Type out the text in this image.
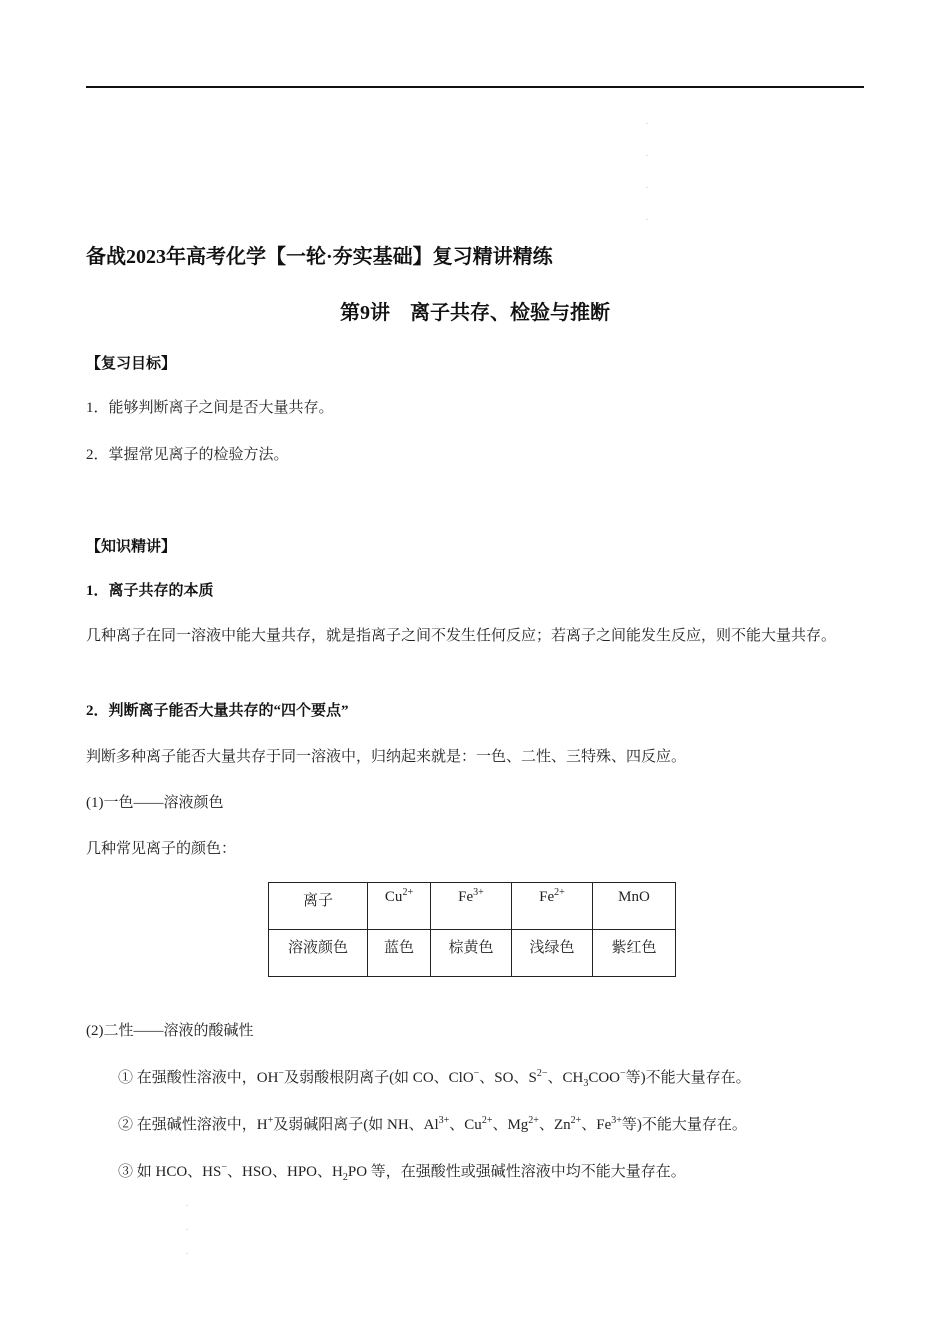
.

.

.

.
备战2023年高考化学【一轮·夯实基础】复习精讲精练
第9讲　离子共存、检验与推断
【复习目标】
1．能够判断离子之间是否大量共存。
2．掌握常见离子的检验方法。
【知识精讲】
1．离子共存的本质
几种离子在同一溶液中能大量共存，就是指离子之间不发生任何反应；若离子之间能发生反应，则不能大量共存。
2．判断离子能否大量共存的“四个要点”
判断多种离子能否大量共存于同一溶液中，归纳起来就是：一色、二性、三特殊、四反应。
(1)一色——溶液颜色
几种常见离子的颜色：
离子	$Cu^{2+}$	$Fe^{3+}$	$Fe^{2+}$	MnO
溶液颜色	蓝色	棕黄色	浅绿色	紫红色
(2)二性——溶液的酸碱性
① 在强酸性溶液中，OH−及弱酸根阴离子(如 CO、ClO−、SO、$S^{2-}$、$CH_3COO^-$等)不能大量存在。
② 在强碱性溶液中，H+及弱碱阳离子(如 NH、$Al^{3+}$、$Cu^{2+}$、$Mg^{2+}$、$Zn^{2+}$、$Fe^{3+}$等)不能大量存在。
③ 如 HCO、HS−、HSO、HPO、$H_2PO$ 等，在强酸性或强碱性溶液中均不能大量存在。
.

.

.
